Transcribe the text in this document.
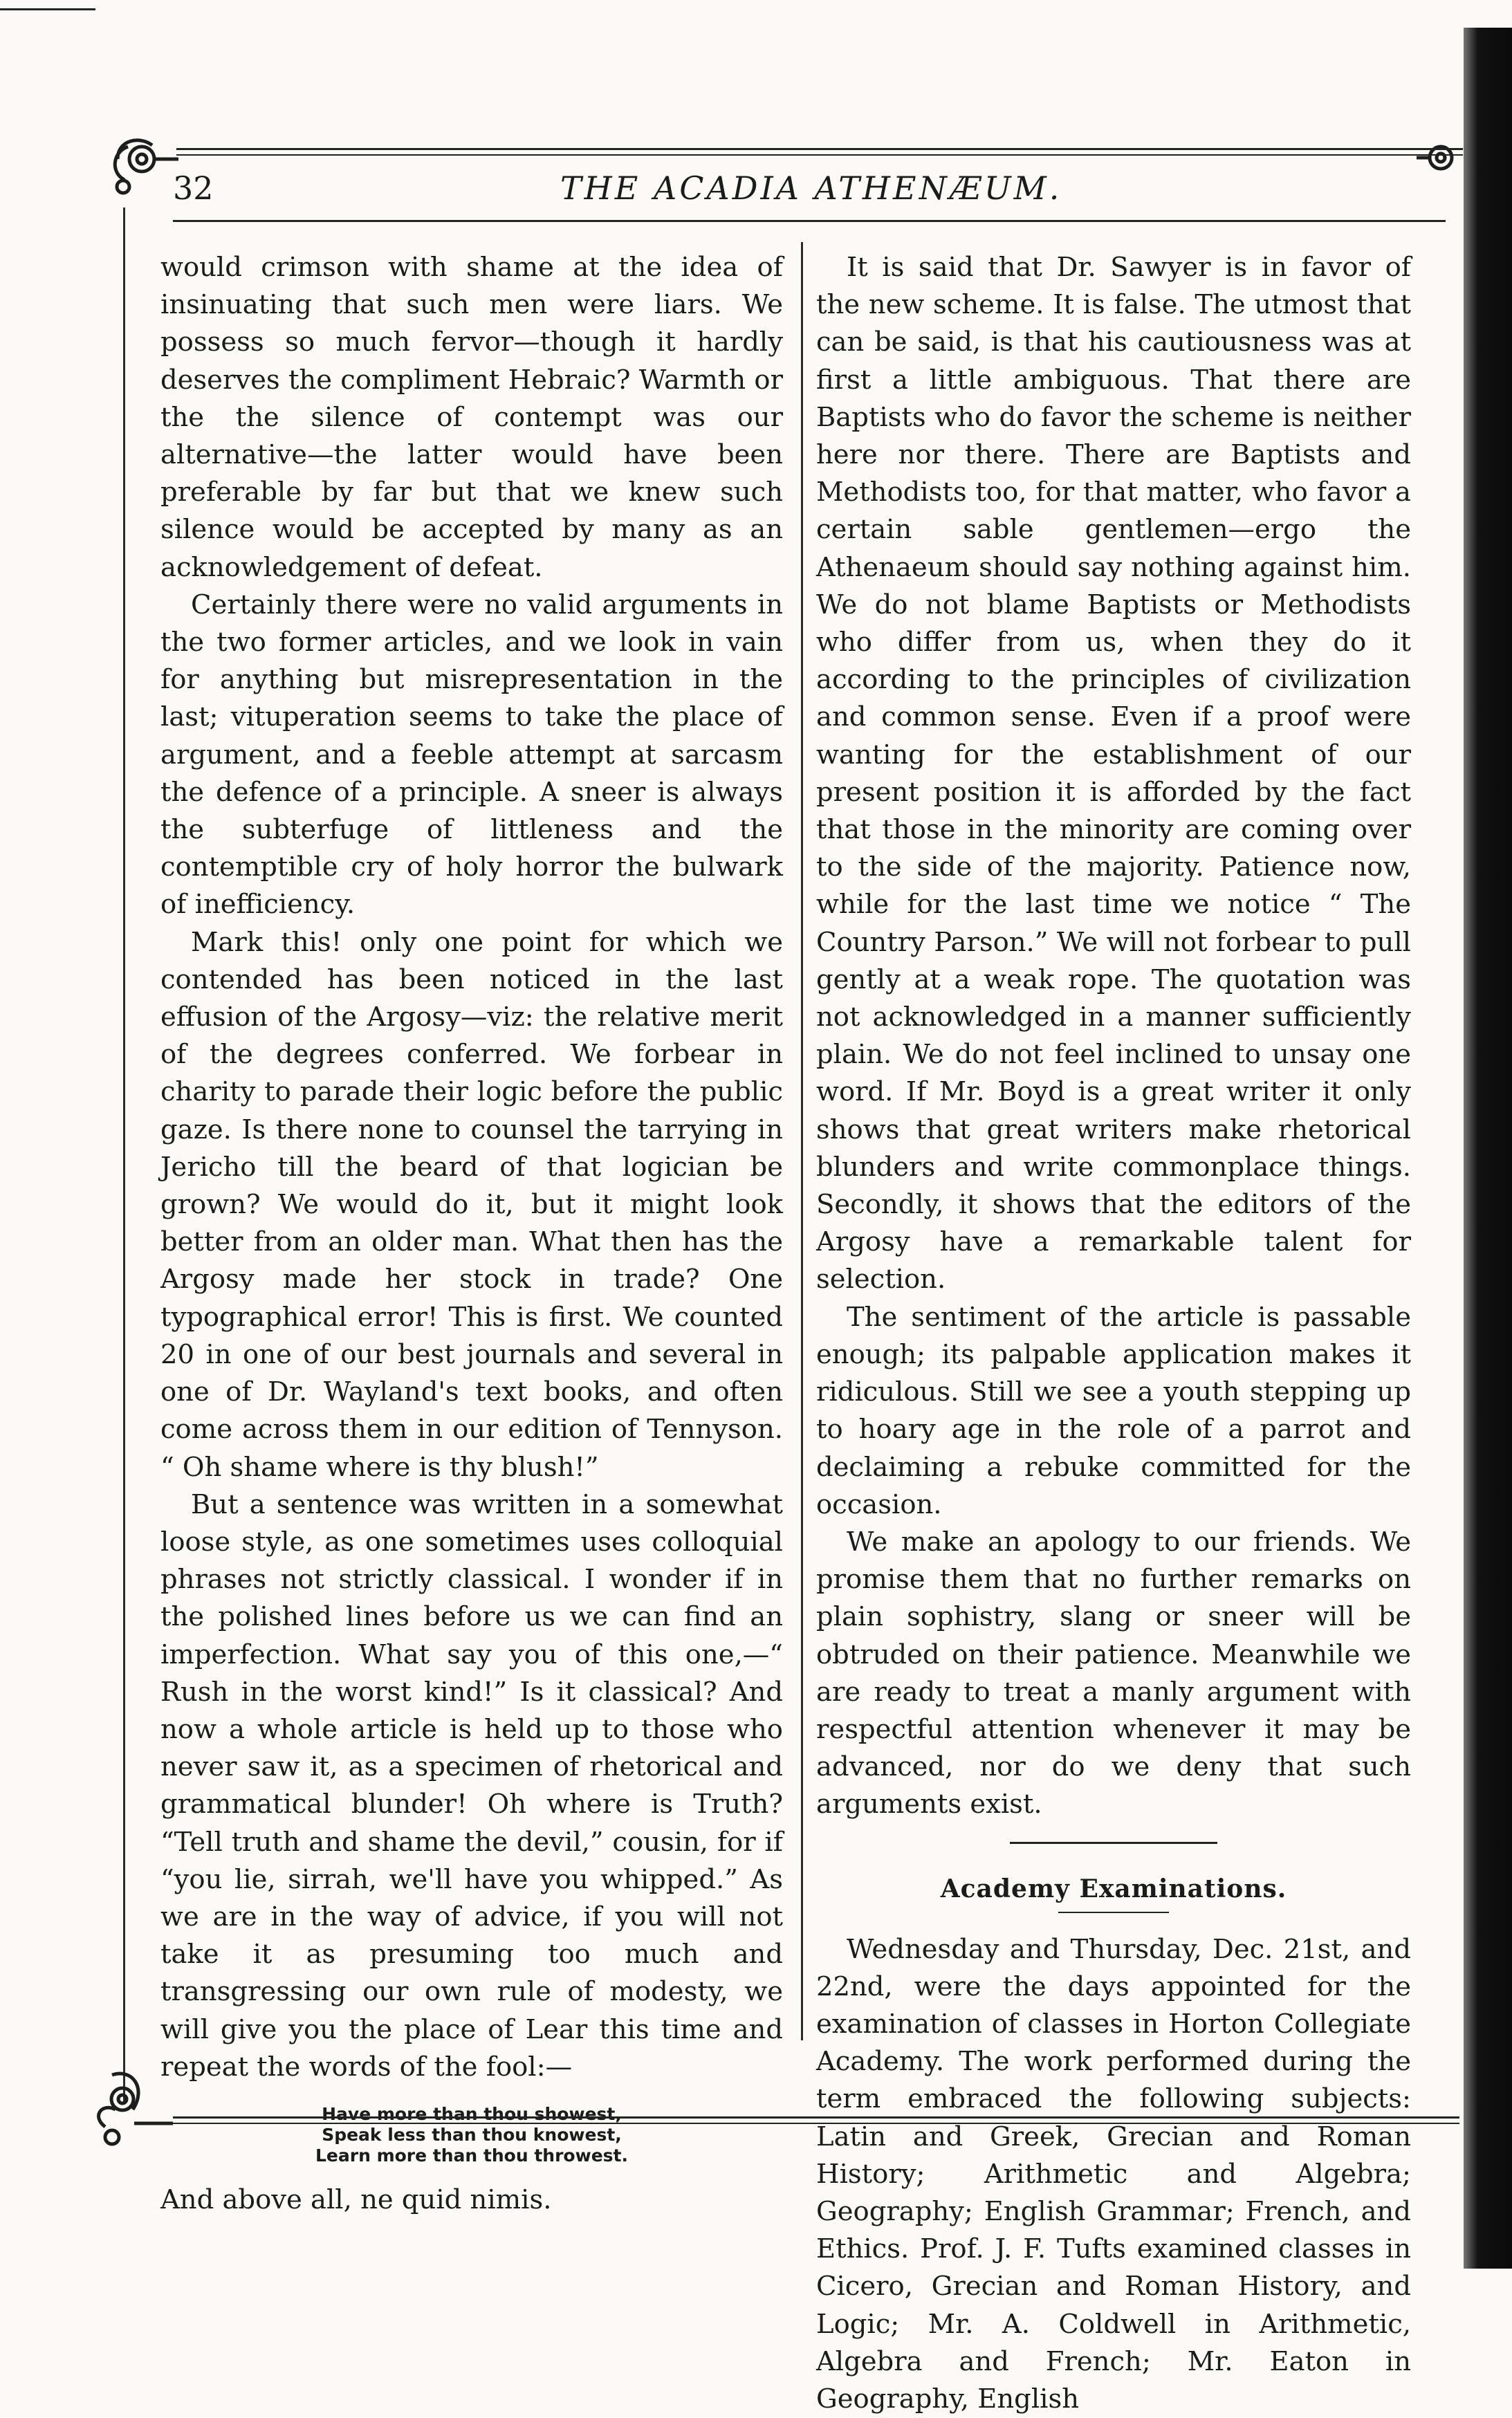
32	THE ACADIA ATHENÆUM.

would crimson with shame at the idea of insinuating that such men were liars. We possess so much fervor—though it hardly deserves the compliment Hebraic? Warmth or the the silence of contempt was our alternative—the latter would have been preferable by far but that we knew such silence would be accepted by many as an acknowledgement of defeat.

Certainly there were no valid arguments in the two former articles, and we look in vain for anything but misrepresentation in the last; vituperation seems to take the place of argument, and a feeble attempt at sarcasm the defence of a principle. A sneer is always the subterfuge of littleness and the contemptible cry of holy horror the bulwark of inefficiency.

Mark this! only one point for which we contended has been noticed in the last effusion of the Argosy—viz: the relative merit of the degrees conferred. We forbear in charity to parade their logic before the public gaze. Is there none to counsel the tarrying in Jericho till the beard of that logician be grown? We would do it, but it might look better from an older man. What then has the Argosy made her stock in trade? One typographical error! This is first. We counted 20 in one of our best journals and several in one of Dr. Wayland's text books, and often come across them in our edition of Tennyson. “ Oh shame where is thy blush!”

But a sentence was written in a somewhat loose style, as one sometimes uses colloquial phrases not strictly classical. I wonder if in the polished lines before us we can find an imperfection. What say you of this one,—“ Rush in the worst kind!” Is it classical? And now a whole article is held up to those who never saw it, as a specimen of rhetorical and grammatical blunder! Oh where is Truth? “Tell truth and shame the devil,” cousin, for if “you lie, sirrah, we'll have you whipped.” As we are in the way of advice, if you will not take it as presuming too much and transgressing our own rule of modesty, we will give you the place of Lear this time and repeat the words of the fool:—

Have more than thou showest,
Speak less than thou knowest,
Learn more than thou throwest.

And above all, ne quid nimis.

It is said that Dr. Sawyer is in favor of the new scheme. It is false. The utmost that can be said, is that his cautiousness was at first a little ambiguous. That there are Baptists who do favor the scheme is neither here nor there. There are Baptists and Methodists too, for that matter, who favor a certain sable gentlemen—ergo the Athenaeum should say nothing against him. We do not blame Baptists or Methodists who differ from us, when they do it according to the principles of civilization and common sense. Even if a proof were wanting for the establishment of our present position it is afforded by the fact that those in the minority are coming over to the side of the majority. Patience now, while for the last time we notice “ The Country Parson.” We will not forbear to pull gently at a weak rope. The quotation was not acknowledged in a manner sufficiently plain. We do not feel inclined to unsay one word. If Mr. Boyd is a great writer it only shows that great writers make rhetorical blunders and write commonplace things. Secondly, it shows that the editors of the Argosy have a remarkable talent for selection.

The sentiment of the article is passable enough; its palpable application makes it ridiculous. Still we see a youth stepping up to hoary age in the role of a parrot and declaiming a rebuke committed for the occasion.

We make an apology to our friends. We promise them that no further remarks on plain sophistry, slang or sneer will be obtruded on their patience. Meanwhile we are ready to treat a manly argument with respectful attention whenever it may be advanced, nor do we deny that such arguments exist.

Academy Examinations.

Wednesday and Thursday, Dec. 21st, and 22nd, were the days appointed for the examination of classes in Horton Collegiate Academy. The work performed during the term embraced the following subjects: Latin and Greek, Grecian and Roman History; Arithmetic and Algebra; Geography; English Grammar; French, and Ethics. Prof. J. F. Tufts examined classes in Cicero, Grecian and Roman History, and Logic; Mr. A. Coldwell in Arithmetic, Algebra and French; Mr. Eaton in Geography, English
